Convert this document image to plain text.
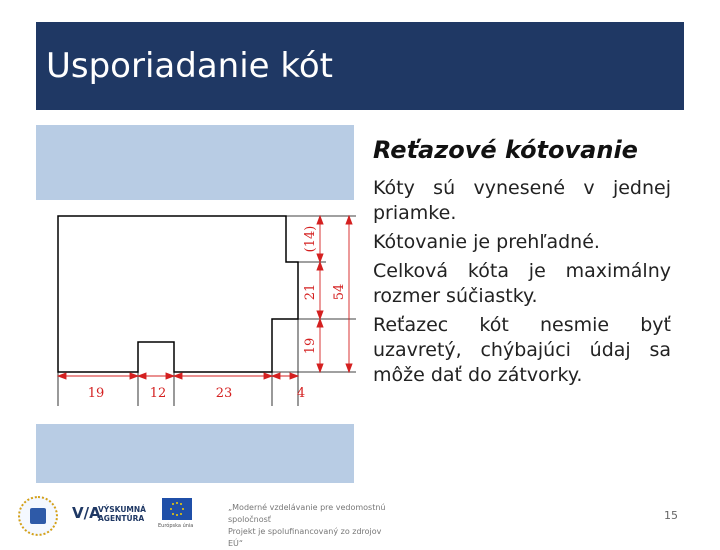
Usporiadanie kót
19	12	23	4
(14)
21
19
54
Reťazové kótovanie

Kóty sú vynesené v jednej priamke.

Kótovanie je prehľadné.

Celková kóta je maximálny rozmer súčiastky.

Reťazec kót nesmie byť uzavretý, chýbajúci údaj sa môže dať do zátvorky.

V/A
VÝSKUMNÁ
AGENTÚRA
Európska únia
„Moderné vzdelávanie pre vedomostnú spoločnosť
Projekt je spolufinancovaný zo zdrojov EÚ“
15
